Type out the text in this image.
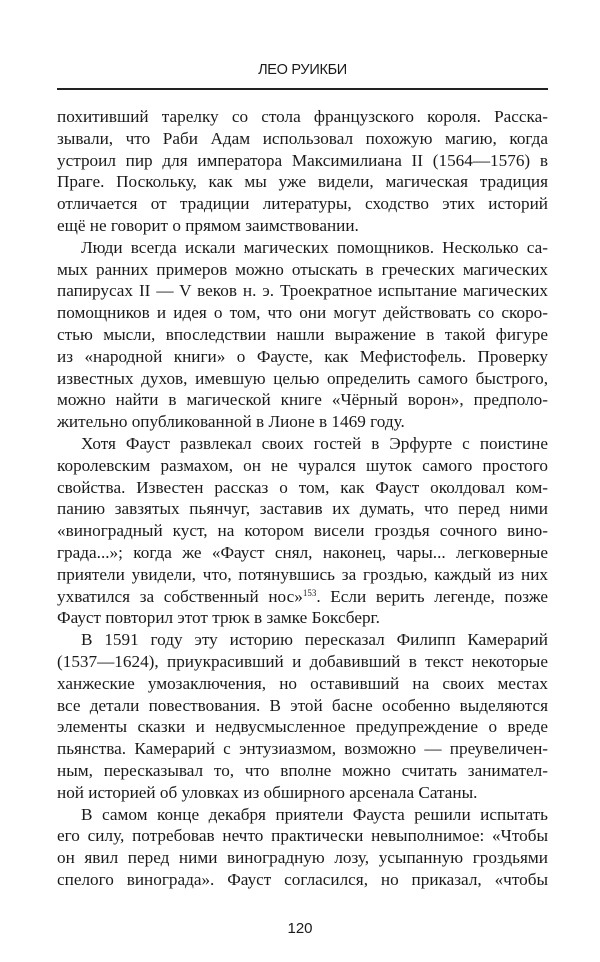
ЛЕО РУИКБИ
похитивший тарелку со стола французского короля. Расска-
зывали, что Раби Адам использовал похожую магию, когда
устроил пир для императора Максимилиана II (1564—1576) в
Праге. Поскольку, как мы уже видели, магическая традиция
отличается от традиции литературы, сходство этих историй
ещё не говорит о прямом заимствовании.
Люди всегда искали магических помощников. Несколько са-
мых ранних примеров можно отыскать в греческих магических
папирусах II — V веков н. э. Троекратное испытание магических
помощников и идея о том, что они могут действовать со скоро-
стью мысли, впоследствии нашли выражение в такой фигуре
из «народной книги» о Фаусте, как Мефистофель. Проверку
известных духов, имевшую целью определить самого быстрого,
можно найти в магической книге «Чёрный ворон», предполо-
жительно опубликованной в Лионе в 1469 году.
Хотя Фауст развлекал своих гостей в Эрфурте с поистине
королевским размахом, он не чурался шуток самого простого
свойства. Известен рассказ о том, как Фауст околдовал ком-
панию завзятых пьянчуг, заставив их думать, что перед ними
«виноградный куст, на котором висели гроздья сочного вино-
града...»; когда же «Фауст снял, наконец, чары... легковерные
приятели увидели, что, потянувшись за гроздью, каждый из них
ухватился за собственный нос»$^{153}$. Если верить легенде, позже
Фауст повторил этот трюк в замке Боксберг.
В 1591 году эту историю пересказал Филипп Камерарий
(1537—1624), приукрасивший и добавивший в текст некоторые
ханжеские умозаключения, но оставивший на своих местах
все детали повествования. В этой басне особенно выделяются
элементы сказки и недвусмысленное предупреждение о вреде
пьянства. Камерарий с энтузиазмом, возможно — преувеличен-
ным, пересказывал то, что вполне можно считать занимател-
ной историей об уловках из обширного арсенала Сатаны.
В самом конце декабря приятели Фауста решили испытать
его силу, потребовав нечто практически невыполнимое: «Чтобы
он явил перед ними виноградную лозу, усыпанную гроздьями
спелого винограда». Фауст согласился, но приказал, «чтобы
120
